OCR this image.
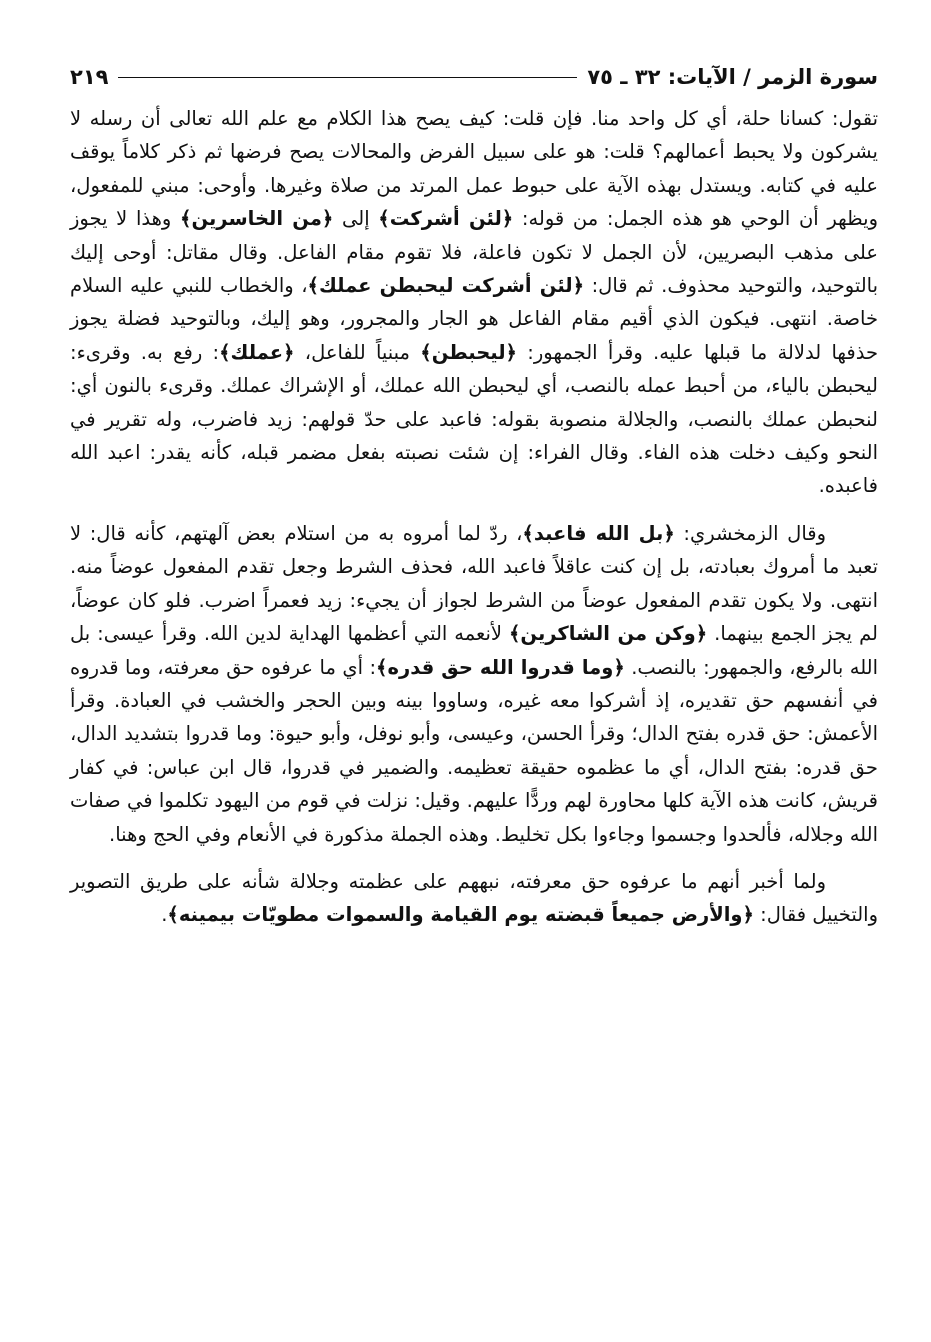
سورة الزمر / الآيات: ٣٢ ـ ٧٥
٢١٩

تقول: كسانا حلة، أي كل واحد منا. فإن قلت: كيف يصح هذا الكلام مع علم الله تعالى أن رسله لا يشركون ولا يحبط أعمالهم؟ قلت: هو على سبيل الفرض والمحالات يصح فرضها ثم ذكر كلاماً يوقف عليه في كتابه. ويستدل بهذه الآية على حبوط عمل المرتد من صلاة وغيرها. وأوحى: مبني للمفعول، ويظهر أن الوحي هو هذه الجمل: من قوله: ﴿لئن أشركت﴾ إلى ﴿من الخاسرين﴾ وهذا لا يجوز على مذهب البصريين، لأن الجمل لا تكون فاعلة، فلا تقوم مقام الفاعل. وقال مقاتل: أوحى إليك بالتوحيد، والتوحيد محذوف. ثم قال: ﴿لئن أشركت ليحبطن عملك﴾، والخطاب للنبي عليه السلام خاصة. انتهى. فيكون الذي أقيم مقام الفاعل هو الجار والمجرور، وهو إليك، وبالتوحيد فضلة يجوز حذفها لدلالة ما قبلها عليه. وقرأ الجمهور: ﴿ليحبطن﴾ مبنياً للفاعل، ﴿عملك﴾: رفع به. وقرىء: ليحبطن بالياء، من أحبط عمله بالنصب، أي ليحبطن الله عملك، أو الإشراك عملك. وقرىء بالنون أي: لنحبطن عملك بالنصب، والجلالة منصوبة بقوله: فاعبد على حدّ قولهم: زيد فاضرب، وله تقرير في النحو وكيف دخلت هذه الفاء. وقال الفراء: إن شئت نصبته بفعل مضمر قبله، كأنه يقدر: اعبد الله فاعبده.

وقال الزمخشري: ﴿بل الله فاعبد﴾، ردّ لما أمروه به من استلام بعض آلهتهم، كأنه قال: لا تعبد ما أمروك بعبادته، بل إن كنت عاقلاً فاعبد الله، فحذف الشرط وجعل تقدم المفعول عوضاً منه. انتهى. ولا يكون تقدم المفعول عوضاً من الشرط لجواز أن يجيء: زيد فعمراً اضرب. فلو كان عوضاً، لم يجز الجمع بينهما. ﴿وكن من الشاكرين﴾ لأنعمه التي أعظمها الهداية لدين الله. وقرأ عيسى: بل الله بالرفع، والجمهور: بالنصب. ﴿وما قدروا الله حق قدره﴾: أي ما عرفوه حق معرفته، وما قدروه في أنفسهم حق تقديره، إذ أشركوا معه غيره، وساووا بينه وبين الحجر والخشب في العبادة. وقرأ الأعمش: حق قدره بفتح الدال؛ وقرأ الحسن، وعيسى، وأبو نوفل، وأبو حيوة: وما قدروا بتشديد الدال، حق قدره: بفتح الدال، أي ما عظموه حقيقة تعظيمه. والضمير في قدروا، قال ابن عباس: في كفار قريش، كانت هذه الآية كلها محاورة لهم وردًّا عليهم. وقيل: نزلت في قوم من اليهود تكلموا في صفات الله وجلاله، فألحدوا وجسموا وجاءوا بكل تخليط. وهذه الجملة مذكورة في الأنعام وفي الحج وهنا.

ولما أخبر أنهم ما عرفوه حق معرفته، نبههم على عظمته وجلالة شأنه على طريق التصوير والتخييل فقال: ﴿والأرض جميعاً قبضته يوم القيامة والسموات مطويّات بيمينه﴾.
